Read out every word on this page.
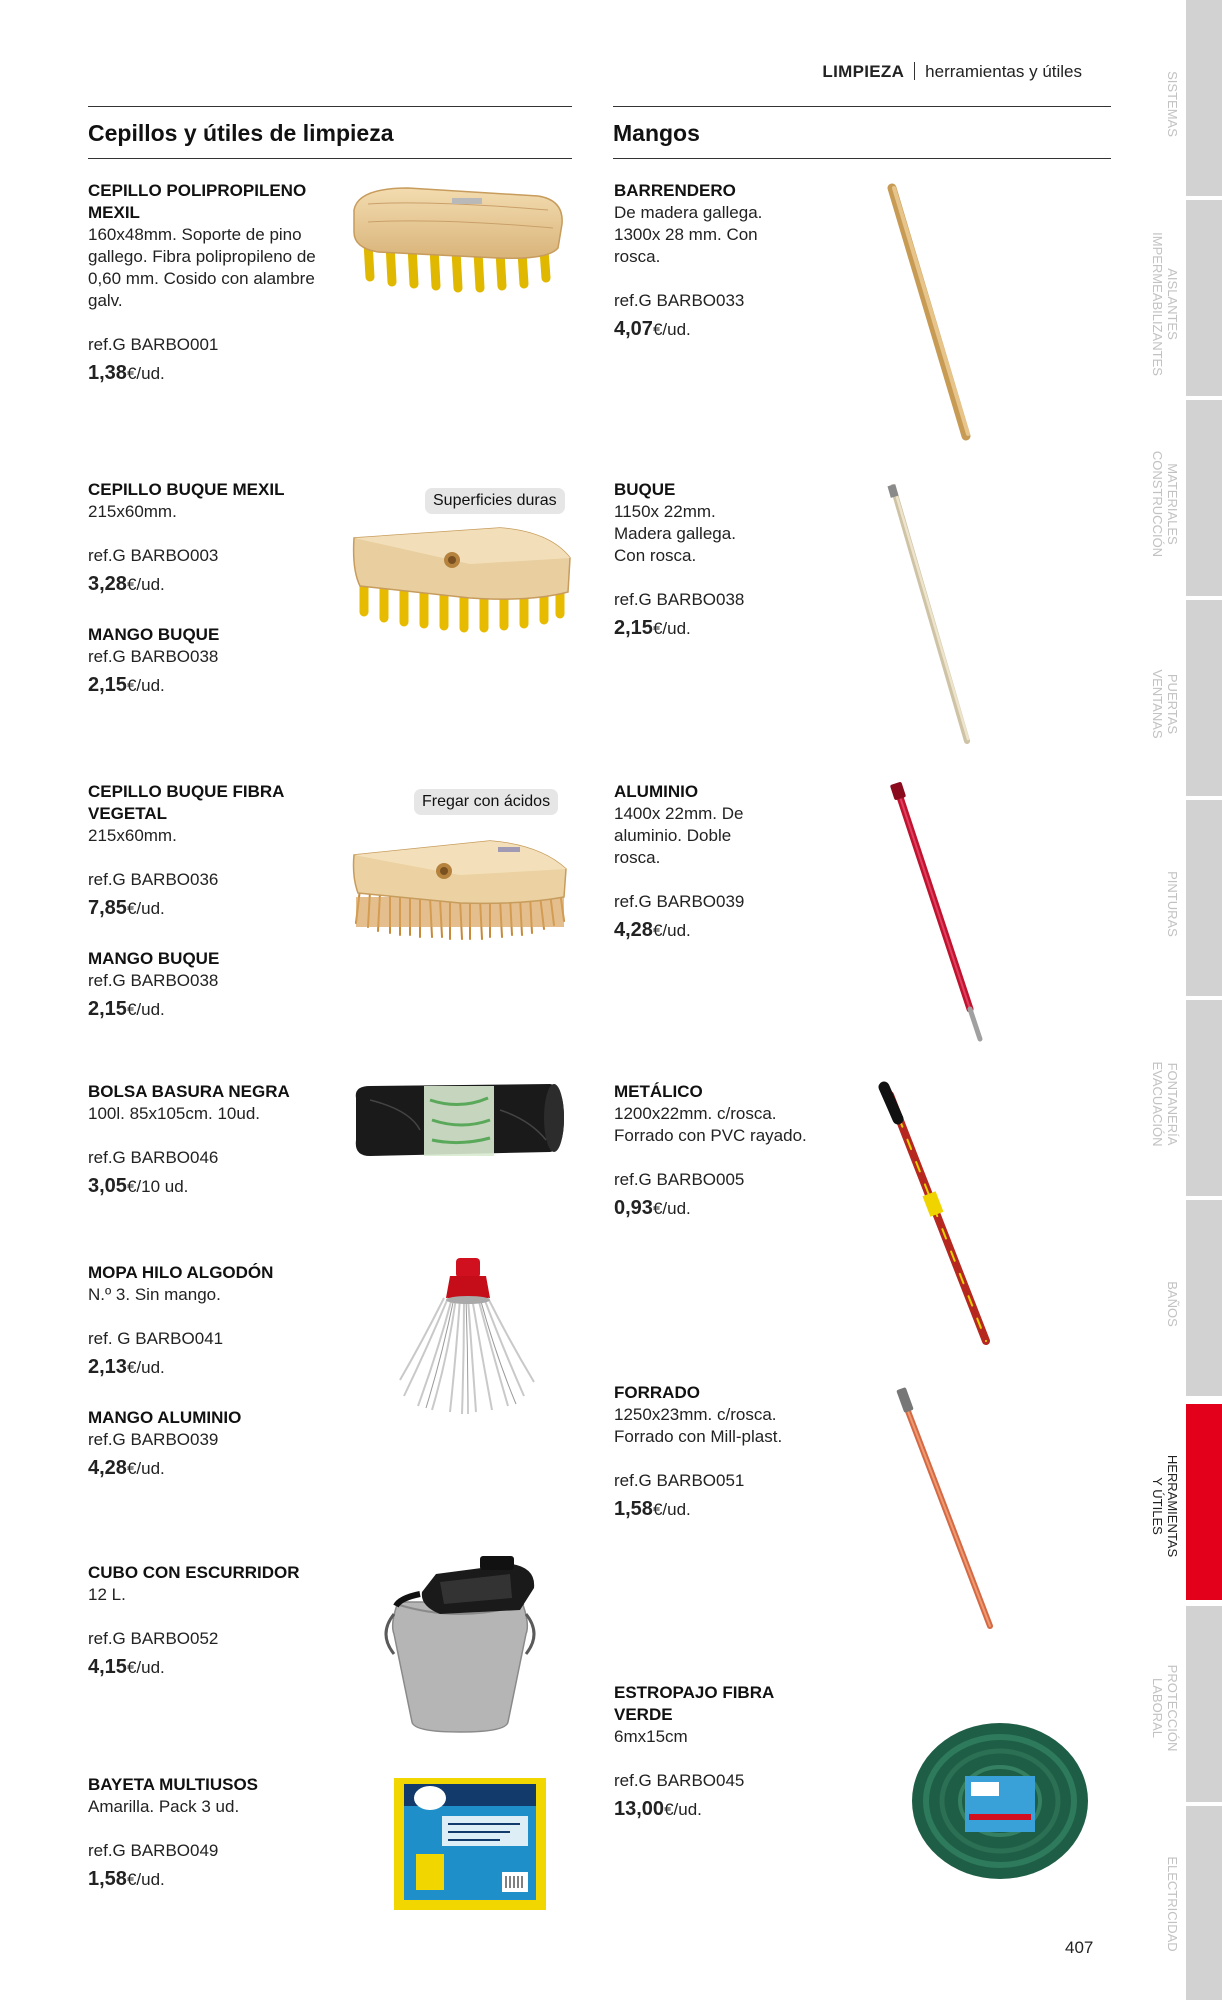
LIMPIEZA herramientas y útiles
Cepillos y útiles de limpieza	Mangos
CEPILLO POLIPROPILENO MEXIL
160x48mm. Soporte de pino gallego. Fibra polipropileno de 0,60 mm. Cosido con alambre galv.
ref.G BARBO001
1,38€/ud.
CEPILLO BUQUE MEXIL
215x60mm.
ref.G BARBO003
3,28€/ud.
MANGO BUQUE
ref.G BARBO038
2,15€/ud.
CEPILLO BUQUE FIBRA VEGETAL
215x60mm.
ref.G BARBO036
7,85€/ud.
MANGO BUQUE
ref.G BARBO038
2,15€/ud.
BOLSA BASURA NEGRA
100l. 85x105cm. 10ud.
ref.G BARBO046
3,05€/10 ud.
MOPA HILO ALGODÓN
N.º 3. Sin mango.
ref. G BARBO041
2,13€/ud.
MANGO ALUMINIO
ref.G BARBO039
4,28€/ud.
CUBO CON ESCURRIDOR
12 L.
ref.G BARBO052
4,15€/ud.
BAYETA MULTIUSOS
Amarilla. Pack 3 ud.
ref.G BARBO049
1,58€/ud.
BARRENDERO
De madera gallega. 1300x 28 mm. Con rosca.
ref.G BARBO033
4,07€/ud.
BUQUE
1150x 22mm. Madera gallega. Con rosca.
ref.G BARBO038
2,15€/ud.
ALUMINIO
1400x 22mm. De aluminio. Doble rosca.
ref.G BARBO039
4,28€/ud.
METÁLICO
1200x22mm. c/rosca. Forrado con PVC rayado.
ref.G BARBO005
0,93€/ud.
FORRADO
1250x23mm. c/rosca. Forrado con Mill-plast.
ref.G BARBO051
1,58€/ud.
ESTROPAJO FIBRA VERDE
6mx15cm
ref.G BARBO045
13,00€/ud.
Superficies duras
Fregar con ácidos
SISTEMAS
AISLANTES
IMPERMEABILIZANTES
MATERIALES
CONSTRUCCIÓN
PUERTAS
VENTANAS
PINTURAS
FONTANERÍA
EVACUACIÓN
BAÑOS
HERRAMIENTAS
Y ÚTILES
PROTECCIÓN
LABORAL
ELECTRICIDAD
407
